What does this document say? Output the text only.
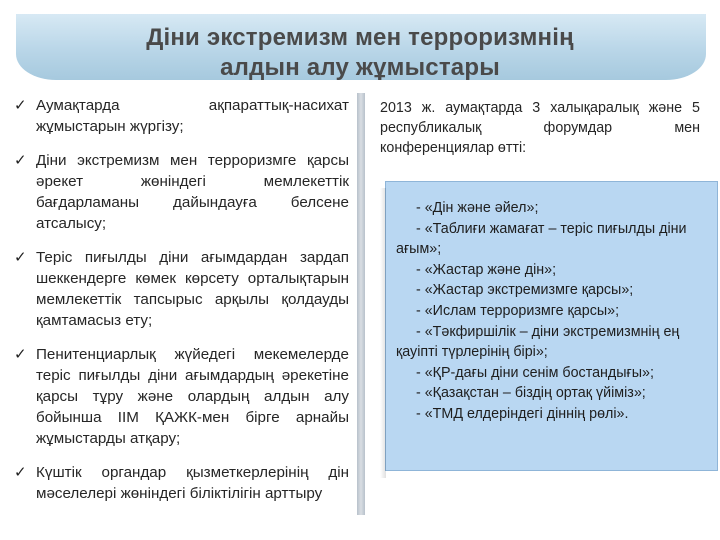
Діни экстремизм мен терроризмнің
алдын алу жұмыстары
✓ Аумақтарда ақпараттық-насихат жұмыстарын жүргізу;
✓ Діни экстремизм мен терроризмге қарсы әрекет жөніндегі мемлекеттік бағдарламаны дайындауға белсене атсалысу;
✓ Теріс пиғылды діни ағымдардан зардап шеккендерге көмек көрсету орталықтарын мемлекеттік тапсырыс арқылы қолдауды қамтамасыз ету;
✓ Пенитенциарлық жүйедегі мекемелерде теріс пиғылды діни ағымдардың әрекетіне қарсы тұру және олардың алдын алу бойынша ІІМ ҚАЖК-мен бірге арнайы жұмыстарды атқару;
✓ Күштік органдар қызметкерлерінің дін мәселелері жөніндегі біліктілігін арттыру

2013 ж. аумақтарда 3 халықаралық және 5 республикалық форумдар мен конференциялар өтті:

- «Дін және әйел»;
- «Таблиғи жамағат – теріс пиғылды діни ағым»;
- «Жастар және дін»;
- «Жастар экстремизмге қарсы»;
- «Ислам терроризмге қарсы»;
- «Тәкфиршілік – діни экстремизмнің ең қауіпті түрлерінің бірі»;
- «ҚР-дағы діни сенім бостандығы»;
- «Қазақстан – біздің ортақ үйіміз»;
- «ТМД елдеріндегі діннің рөлі».
